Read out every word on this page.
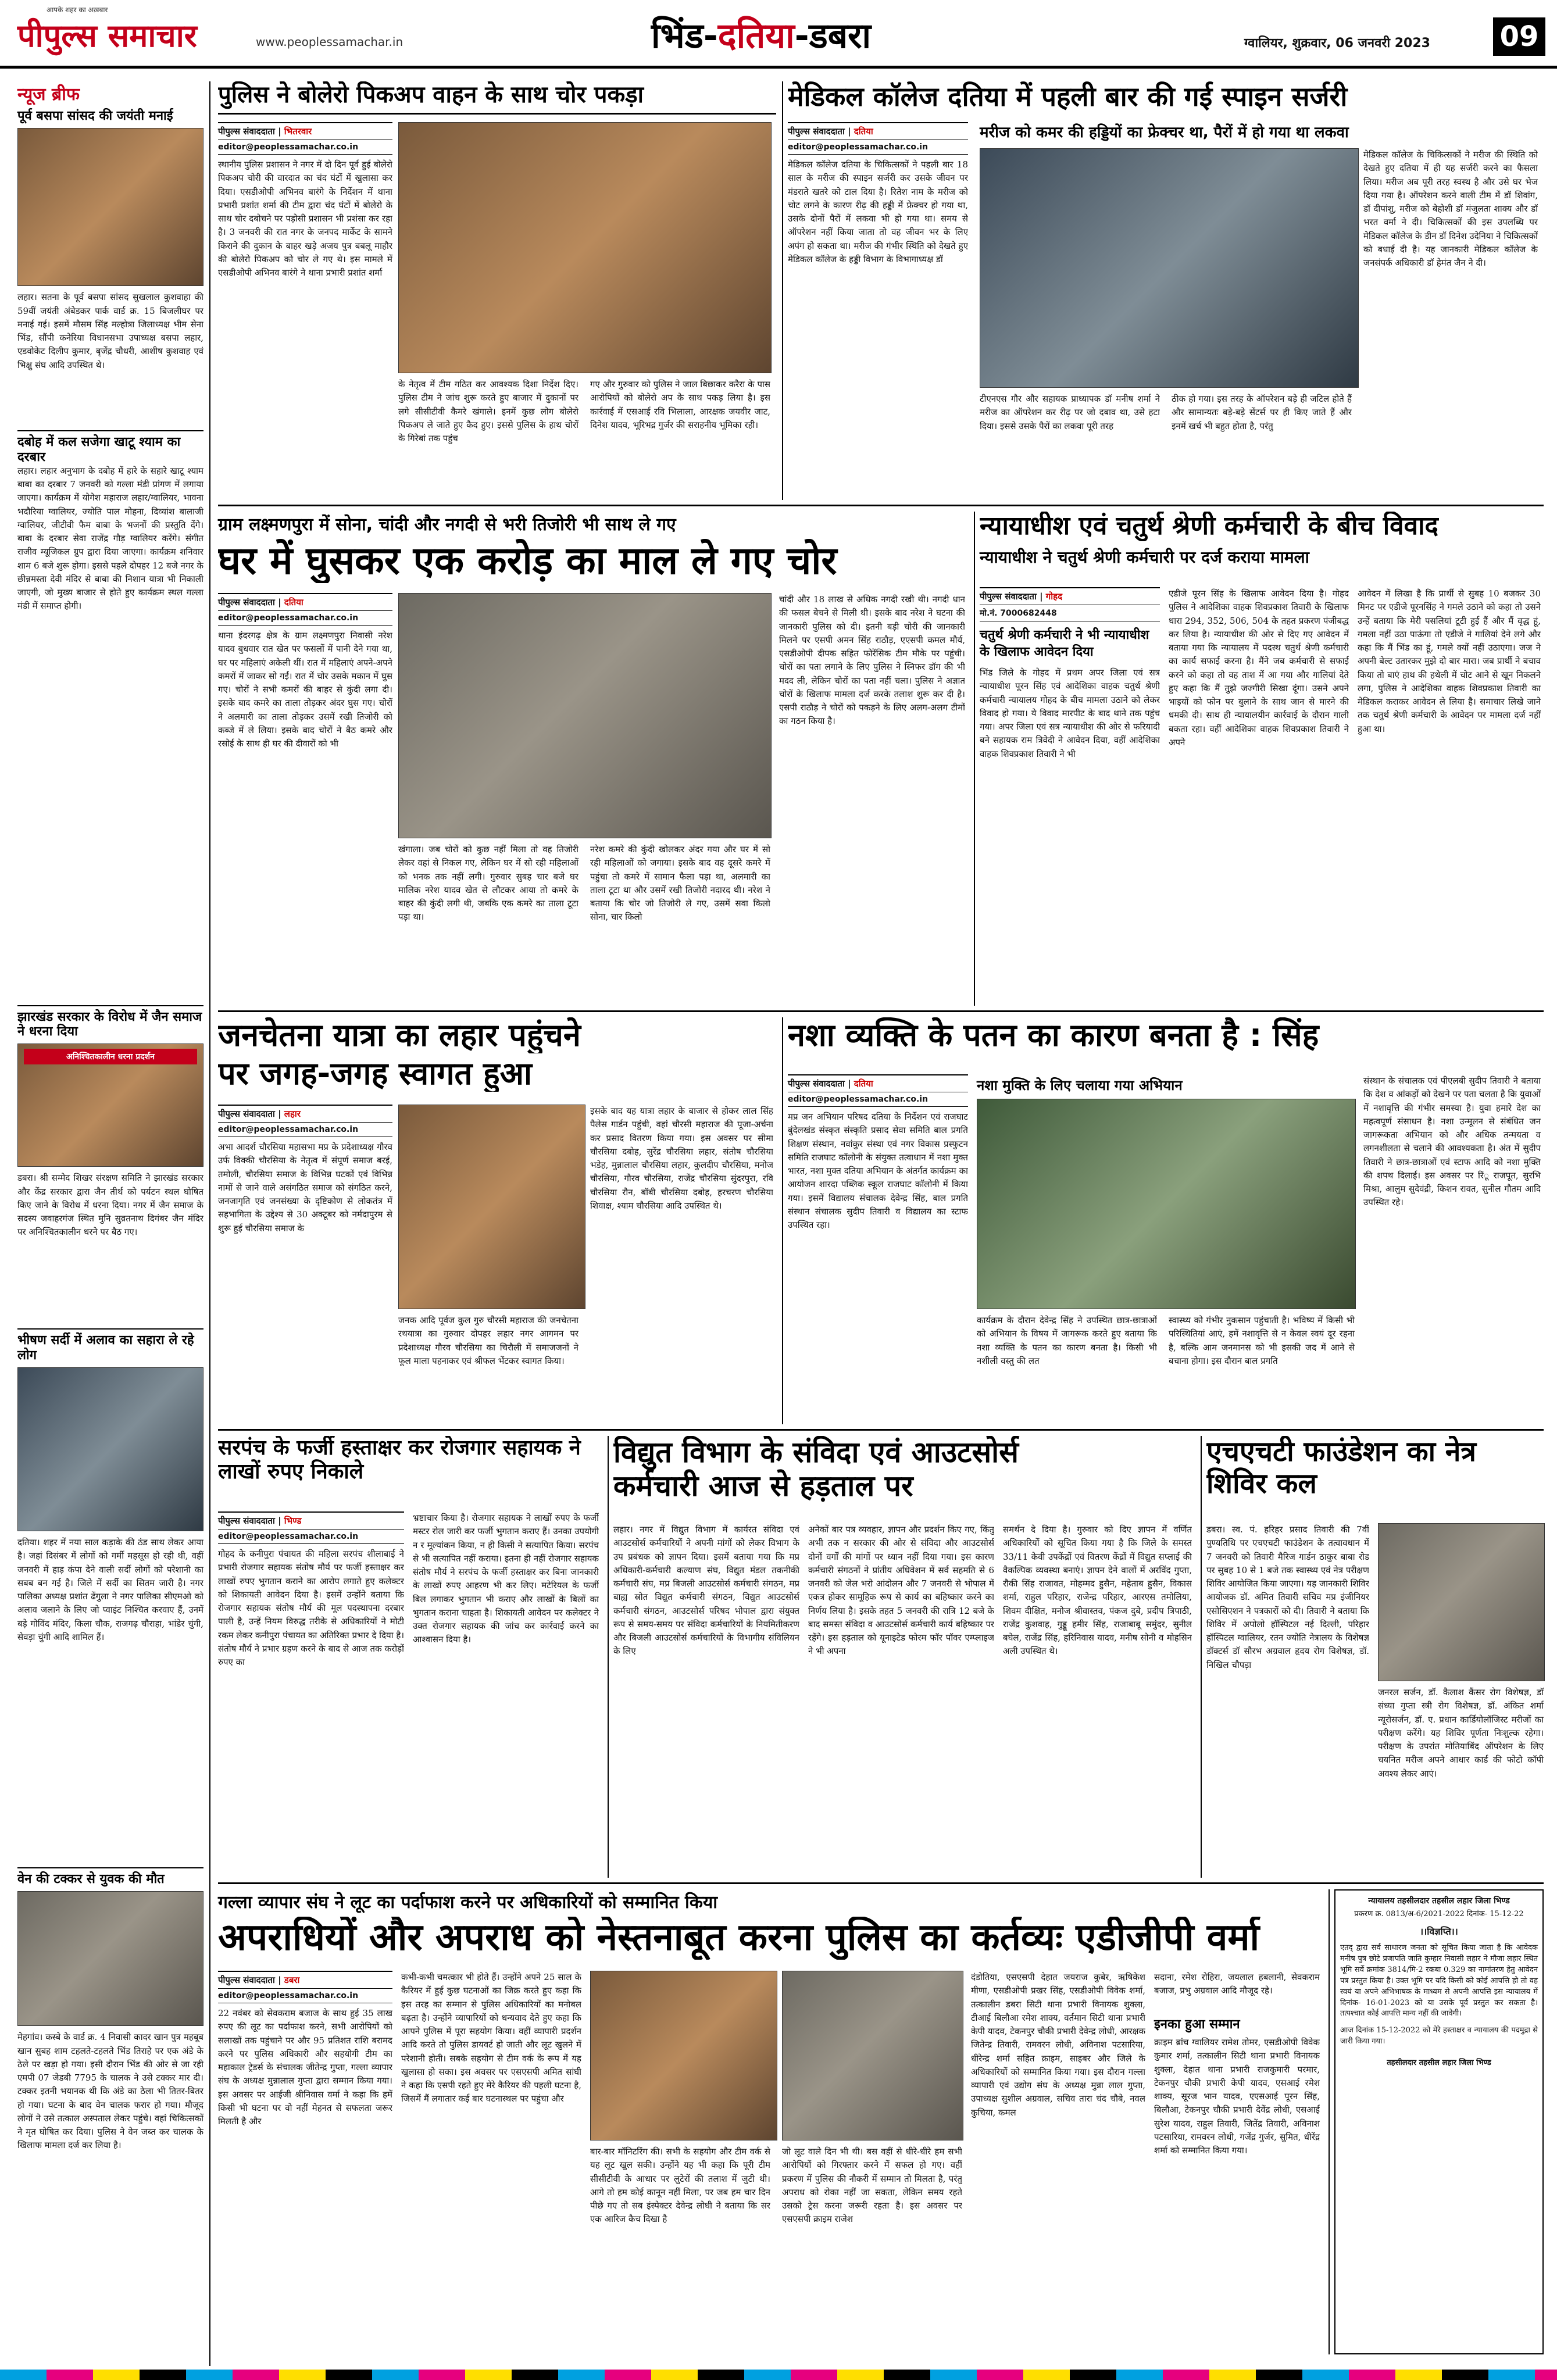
पीपुल्स समाचार
आपके शहर का अख़बार
www.peoplessamachar.in	भिंड-दतिया-डबरा	ग्वालियर, शुक्रवार, 06 जनवरी 2023 09
न्यूज ब्रीफ
पूर्व बसपा सांसद की जयंती मनाई
लहार। सतना के पूर्व बसपा सांसद सुखलाल कुशवाहा की 59वीं जयंती अंबेडकर पार्क वार्ड क्र. 15 बिजलीघर पर मनाई गई। इसमें मौसम सिंह मल्होत्रा जिलाध्यक्ष भीम सेना भिंड, सौंपी कनेरिया विधानसभा उपाध्यक्ष बसपा लहार, एडवोकेट दिलीप कुमार, बृजेंद्र चौधरी, आशीष कुशवाह एवं भिक्षु संघ आदि उपस्थित थे।
दबोह में कल सजेगा खाटू श्याम का दरबार
लहार। लहार अनुभाग के दबोह में हारे के सहारे खाटू श्याम बाबा का दरबार 7 जनवरी को गल्ला मंडी प्रांगण में लगाया जाएगा। कार्यक्रम में योगेश महाराज लहार/ग्वालियर, भावना भदौरिया ग्वालियर, ज्योति पाल मोहना, दिव्यांश बालाजी ग्वालियर, जीटीवी फैम बाबा के भजनों की प्रस्तुति देंगे। बाबा के दरबार सेवा राजेंद्र गौड़ ग्वालियर करेंगे। संगीत राजीव म्यूजिकल ग्रुप द्वारा दिया जाएगा। कार्यक्रम शनिवार शाम 6 बजे शुरू होगा। इससे पहले दोपहर 12 बजे नगर के छीन्नमस्ता देवी मंदिर से बाबा की निशान यात्रा भी निकाली जाएगी, जो मुख्य बाजार से होते हुए कार्यक्रम स्थल गल्ला मंडी में समाप्त होगी।
झारखंड सरकार के विरोध में जैन समाज ने धरना दिया
अनिश्चितकालीन धरना प्रदर्शन
डबरा। श्री सम्मेद शिखर संरक्षण समिति ने झारखंड सरकार और केंद्र सरकार द्वारा जैन तीर्थ को पर्यटन स्थल घोषित किए जाने के विरोध में धरना दिया। नगर में जैन समाज के सदस्य जवाहरगंज स्थित मुनि सुव्रतनाथ दिगंबर जैन मंदिर पर अनिश्चितकालीन धरने पर बैठ गए।
भीषण सर्दी में अलाव का सहारा ले रहे लोग
दतिया। शहर में नया साल कड़ाके की ठंड साथ लेकर आया है। जहां दिसंबर में लोगों को गर्मी महसूस हो रही थी, वहीं जनवरी में हाड़ कंपा देने वाली सर्दी लोगों को परेशानी का सबब बन गई है। जिले में सर्दी का सितम जारी है। नगर पालिका अध्यक्ष प्रशांत ढेंगुला ने नगर पालिका सीएमओ को अलाव जलाने के लिए जो प्वाइंट निश्चित करवाए हैं, उनमें बड़े गोविंद मंदिर, किला चौक, राजगढ़ चौराहा, भांडेर चुंगी, सेवड़ा चुंगी आदि शामिल हैं।
वेन की टक्कर से युवक की मौत
मेहगांव। कस्बे के वार्ड क्र. 4 निवासी कादर खान पुत्र महबूब खान सुबह शाम टहलते-टहलते भिंड तिराहे पर एक अंडे के ठेले पर खड़ा हो गया। इसी दौरान भिंड की ओर से जा रही एमपी 07 जेडबी 7795 के चालक ने उसे टक्कर मार दी। टक्कर इतनी भयानक थी कि अंडे का ठेला भी तितर-बितर हो गया। घटना के बाद वेन चालक फरार हो गया। मौजूद लोगों ने उसे तत्काल अस्पताल लेकर पहुंचे। वहां चिकित्सकों ने मृत घोषित कर दिया। पुलिस ने वेन जब्त कर चालक के खिलाफ मामला दर्ज कर लिया है।
पुलिस ने बोलेरो पिकअप वाहन के साथ चोर पकड़ा
पीपुल्स संवाददाता | भितरवार
editor@peoplessamachar.co.in
स्थानीय पुलिस प्रशासन ने नगर में दो दिन पूर्व हुई बोलेरो पिकअप चोरी की वारदात का चंद घंटों में खुलासा कर दिया। एसडीओपी अभिनव बारंगे के निर्देशन में थाना प्रभारी प्रशांत शर्मा की टीम द्वारा चंद घंटों में बोलेरो के साथ चोर दबोचने पर पड़ोसी प्रशासन भी प्रशंसा कर रहा है। 3 जनवरी की रात नगर के जनपद मार्केट के सामने किराने की दुकान के बाहर खड़े अजय पुत्र बबलू माहौर की बोलेरो पिकअप को चोर ले गए थे। इस मामले में एसडीओपी अभिनव बारंगे ने थाना प्रभारी प्रशांत शर्मा
के नेतृत्व में टीम गठित कर आवश्यक दिशा निर्देश दिए। पुलिस टीम ने जांच शुरू करते हुए बाजार में दुकानों पर लगे सीसीटीवी कैमरे खंगाले। इनमें कुछ लोग बोलेरो पिकअप ले जाते हुए कैद हुए। इससे पुलिस के हाथ चोरों के गिरेबां तक पहुंच
गए और गुरुवार को पुलिस ने जाल बिछाकर करैरा के पास आरोपियों को बोलेरो अप के साथ पकड़ लिया है। इस कार्रवाई में एसआई रवि भिलाला, आरक्षक जयवीर जाट, दिनेश यादव, भूरिभद्र गुर्जर की सराहनीय भूमिका रही।
मेडिकल कॉलेज दतिया में पहली बार की गई स्पाइन सर्जरी
मरीज को कमर की हड्डियों का फ्रेक्चर था, पैरों में हो गया था लकवा
पीपुल्स संवाददाता | दतिया
editor@peoplessamachar.co.in
मेडिकल कॉलेज दतिया के चिकित्सकों ने पहली बार 18 साल के मरीज की स्पाइन सर्जरी कर उसके जीवन पर मंडराते खतरे को टाल दिया है। रितेश नाम के मरीज को चोट लगने के कारण रीढ़ की हड्डी में फ्रेक्चर हो गया था, उसके दोनों पैरों में लकवा भी हो गया था। समय से ऑपरेशन नहीं किया जाता तो वह जीवन भर के लिए अपंग हो सकता था। मरीज की गंभीर स्थिति को देखते हुए मेडिकल कॉलेज के हड्डी विभाग के विभागाध्यक्ष डॉ
टीएनएस गौर और सहायक प्राध्यापक डॉ मनीष शर्मा ने मरीज का ऑपरेशन कर रीढ़ पर जो दबाव था, उसे हटा दिया। इससे उसके पैरों का लकवा पूरी तरह
ठीक हो गया। इस तरह के ऑपरेशन बड़े ही जटिल होते हैं और सामान्यतः बड़े-बड़े सेंटर्स पर ही किए जाते हैं और इनमें खर्च भी बहुत होता है, परंतु
मेडिकल कॉलेज के चिकित्सकों ने मरीज की स्थिति को देखते हुए दतिया में ही यह सर्जरी करने का फैसला लिया। मरीज अब पूरी तरह स्वस्थ है और उसे घर भेज दिया गया है। ऑपरेशन करने वाली टीम में डॉ शिवांग, डॉ दीपांशु, मरीज को बेहोशी डॉ मंजुलता शाक्य और डॉ भरत वर्मा ने दी। चिकित्सकों की इस उपलब्धि पर मेडिकल कॉलेज के डीन डॉ दिनेश उदेनिया ने चिकित्सकों को बधाई दी है। यह जानकारी मेडिकल कॉलेज के जनसंपर्क अधिकारी डॉ हेमंत जैन ने दी।
ग्राम लक्ष्मणपुरा में सोना, चांदी और नगदी से भरी तिजोरी भी साथ ले गए
घर में घुसकर एक करोड़ का माल ले गए चोर
पीपुल्स संवाददाता | दतिया
editor@peoplessamachar.co.in
थाना इंदरगढ़ क्षेत्र के ग्राम लक्ष्मणपुरा निवासी नरेश यादव बुधवार रात खेत पर फसलों में पानी देने गया था, घर पर महिलाएं अकेली थीं। रात में महिलाएं अपने-अपने कमरों में जाकर सो गईं। रात में चोर उसके मकान में घुस गए। चोरों ने सभी कमरों की बाहर से कुंदी लगा दी। इसके बाद कमरे का ताला तोड़कर अंदर घुस गए। चोरों ने अलमारी का ताला तोड़कर उसमें रखी तिजोरी को कब्जे में ले लिया। इसके बाद चोरों ने बैठ कमरे और रसोई के साथ ही घर की दीवारों को भी
खंगाला। जब चोरों को कुछ नहीं मिला तो वह तिजोरी लेकर वहां से निकल गए, लेकिन घर में सो रही महिलाओं को भनक तक नहीं लगी। गुरुवार सुबह चार बजे घर मालिक नरेश यादव खेत से लौटकर आया तो कमरे के बाहर की कुंदी लगी थी, जबकि एक कमरे का ताला टूटा पड़ा था।
नरेश कमरे की कुंदी खोलकर अंदर गया और घर में सो रही महिलाओं को जगाया। इसके बाद वह दूसरे कमरे में पहुंचा तो कमरे में सामान फैला पड़ा था, अलमारी का ताला टूटा था और उसमें रखी तिजोरी नदारद थी। नरेश ने बताया कि चोर जो तिजोरी ले गए, उसमें सवा किलो सोना, चार किलो
चांदी और 18 लाख से अधिक नगदी रखी थी। नगदी धान की फसल बेचने से मिली थी। इसके बाद नरेश ने घटना की जानकारी पुलिस को दी। इतनी बड़ी चोरी की जानकारी मिलने पर एसपी अमन सिंह राठौड़, एएसपी कमल मौर्य, एसडीओपी दीपक सहित फोरेंसिक टीम मौके पर पहुंची। चोरों का पता लगाने के लिए पुलिस ने स्निफर डॉग की भी मदद ली, लेकिन चोरों का पता नहीं चला। पुलिस ने अज्ञात चोरों के खिलाफ मामला दर्ज करके तलाश शुरू कर दी है। एसपी राठौड़ ने चोरों को पकड़ने के लिए अलग-अलग टीमों का गठन किया है।
न्यायाधीश एवं चतुर्थ श्रेणी कर्मचारी के बीच विवाद
न्यायाधीश ने चतुर्थ श्रेणी कर्मचारी पर दर्ज कराया मामला
पीपुल्स संवाददाता | गोहद
मो.नं. 7000682448
चतुर्थ श्रेणी कर्मचारी ने भी न्यायाधीश के खिलाफ आवेदन दिया
भिंड जिले के गोहद में प्रथम अपर जिला एवं सत्र न्यायाधीश पूरन सिंह एवं आदेशिका वाहक चतुर्थ श्रेणी कर्मचारी न्यायालय गोहद के बीच मामला उठाने को लेकर विवाद हो गया। ये विवाद मारपीट के बाद थाने तक पहुंच गया। अपर जिला एवं सत्र न्यायाधीश की ओर से फरियादी बने सहायक राम त्रिवेदी ने आवेदन दिया, वहीं आदेशिका वाहक शिवप्रकाश तिवारी ने भी
एडीजे पूरन सिंह के खिलाफ आवेदन दिया है। गोहद पुलिस ने आदेशिका वाहक शिवप्रकाश तिवारी के खिलाफ धारा 294, 352, 506, 504 के तहत प्रकरण पंजीबद्ध कर लिया है। न्यायाधीश की ओर से दिए गए आवेदन में बताया गया कि न्यायालय में पदस्थ चतुर्थ श्रेणी कर्मचारी का कार्य सफाई करना है। मैंने जब कर्मचारी से सफाई करने को कहा तो वह ताश में आ गया और गालियां देते हुए कहा कि मैं तुझे जज्गीरी सिखा दूंगा। उसने अपने भाइयों को फोन पर बुलाने के साथ जान से मारने की धमकी दी। साथ ही न्यायालयीन कार्रवाई के दौरान गाली बकता रहा। वहीं आदेशिका वाहक शिवप्रकाश तिवारी ने अपने
आवेदन में लिखा है कि प्रार्थी से सुबह 10 बजकर 30 मिनट पर एडीजे पूरनसिंह ने गमले उठाने को कहा तो उसने उन्हें बताया कि मेरी पसलियां टूटी हुई हैं और मैं वृद्ध हूं, गमला नहीं उठा पाऊंगा तो एडीजे ने गालियां देने लगे और कहा कि मैं भिंड का हूं, गमले क्यों नहीं उठाएगा। जज ने अपनी बेल्ट उतारकर मुझे दो बार मारा। जब प्रार्थी ने बचाव किया तो बाएं हाथ की हथेली में चोट आने से खून निकलने लगा, पुलिस ने आदेशिका वाहक शिवप्रकाश तिवारी का मेडिकल कराकर आवेदन ले लिया है। समाचार लिखे जाने तक चतुर्थ श्रेणी कर्मचारी के आवेदन पर मामला दर्ज नहीं हुआ था।
जनचेतना यात्रा का लहार पहुंचने
पर जगह-जगह स्वागत हुआ
पीपुल्स संवाददाता | लहार
editor@peoplessamachar.co.in
अभा आदर्श चौरसिया महासभा मप्र के प्रदेशाध्यक्ष गौरव उर्फ विक्की चौरसिया के नेतृत्व में संपूर्ण समाज बरई, तमोली, चौरसिया समाज के विभिन्न घटकों एवं विभिन्न नामों से जाने वाले असंगठित समाज को संगठित करने, जनजागृति एवं जनसंख्या के दृष्टिकोण से लोकतंत्र में सहभागिता के उद्देश्य से 30 अक्टूबर को नर्मदापुरम से शुरू हुई चौरसिया समाज के
जनक आदि पूर्वज कुल गुरु चौरसी महाराज की जनचेतना रथयात्रा का गुरुवार दोपहर लहार नगर आगमन पर प्रदेशाध्यक्ष गौरव चौरसिया का चिरौली में समाजजनों ने फूल माला पहनाकर एवं श्रीफल भेंटकर स्वागत किया।
इसके बाद यह यात्रा लहार के बाजार से होकर लाल सिंह पैलेस गार्डन पहुंची, वहां चौरसी महाराज की पूजा-अर्चना कर प्रसाद वितरण किया गया। इस अवसर पर सीमा चौरसिया दबोह, सुरेंद्र चौरसिया लहार, संतोष चौरसिया भडेह, मुन्नालाल चौरसिया लहार, कुलदीप चौरसिया, मनोज चौरसिया, गौरव चौरसिया, राजेंद्र चौरसिया सुंदरपुरा, रवि चौरसिया रौन, बॉबी चौरसिया दबोह, हरचरण चौरसिया शिवाक्ष, श्याम चौरसिया आदि उपस्थित थे।
नशा व्यक्ति के पतन का कारण बनता है : सिंह
पीपुल्स संवाददाता | दतिया
editor@peoplessamachar.co.in
मप्र जन अभियान परिषद दतिया के निर्देशन एवं राजघाट बुंदेलखंड संस्कृत संस्कृति प्रसाद सेवा समिति बाल प्रगति शिक्षण संस्थान, नवांकुर संस्था एवं नगर विकास प्रस्फुटन समिति राजघाट कॉलोनी के संयुक्त तत्वाधान में नशा मुक्त भारत, नशा मुक्त दतिया अभियान के अंतर्गत कार्यक्रम का आयोजन शारदा पब्लिक स्कूल राजघाट कॉलोनी में किया गया। इसमें विद्यालय संचालक देवेन्द्र सिंह, बाल प्रगति संस्थान संचालक सुदीप तिवारी व विद्यालय का स्टाफ उपस्थित रहा।
नशा मुक्ति के लिए चलाया गया अभियान
कार्यक्रम के दौरान देवेन्द्र सिंह ने उपस्थित छात्र-छात्राओं को अभियान के विषय में जागरूक करते हुए बताया कि नशा व्यक्ति के पतन का कारण बनता है। किसी भी नशीली वस्तु की लत
स्वास्थ्य को गंभीर नुकसान पहुंचाती है। भविष्य में किसी भी परिस्थितियां आएं, हमें नशावृत्ति से न केवल स्वयं दूर रहना है, बल्कि आम जनमानस को भी इसकी जद में आने से बचाना होगा। इस दौरान बाल प्रगति
संस्थान के संचालक एवं पीएलबी सुदीप तिवारी ने बताया कि देश व आंकड़ों को देखने पर पता चलता है कि युवाओं में नशावृत्ति की गंभीर समस्या है। युवा हमारे देश का महत्वपूर्ण संसाधन है। नशा उन्मूलन से संबंधित जन जागरूकता अभियान को और अधिक तन्मयता व लगनशीलता से चलाने की आवश्यकता है। अंत में सुदीप तिवारी ने छात्र-छात्राओं एवं स्टाफ आदि को नशा मुक्ति की शपथ दिलाई। इस अवसर पर रिंू राजपूत, सुरभि मिश्रा, आलुम सुदेवंद्री, किशन रावत, सुनील गौतम आदि उपस्थित रहे।
सरपंच के फर्जी हस्ताक्षर कर रोजगार सहायक ने लाखों रुपए निकाले
पीपुल्स संवाददाता | भिण्ड
editor@peoplessamachar.co.in
गोहद के कनीपुरा पंचायत की महिला सरपंच शीलाबाई ने प्रभारी रोजगार सहायक संतोष मौर्य पर फर्जी हस्ताक्षर कर लाखों रुपए भुगतान कराने का आरोप लगाते हुए कलेक्टर को शिकायती आवेदन दिया है। इसमें उन्होंने बताया कि रोजगार सहायक संतोष मौर्य की मूल पदस्थापना दरबार पाली है, उन्हें नियम विरुद्ध तरीके से अधिकारियों ने मोटी रकम लेकर कनीपुरा पंचायत का अतिरिक्त प्रभार दे दिया है। संतोष मौर्य ने प्रभार ग्रहण करने के बाद से आज तक करोड़ों रुपए का
भ्रष्टाचार किया है। रोजगार सहायक ने लाखों रुपए के फर्जी मस्टर रोल जारी कर फर्जी भुगतान कराए हैं। उनका उपयोगी न र मूल्यांकन किया, न ही किसी ने सत्यापित किया। सरपंच से भी सत्यापित नहीं कराया। इतना ही नहीं रोजगार सहायक संतोष मौर्य ने सरपंच के फर्जी हस्ताक्षर कर बिना जानकारी के लाखों रुपए आहरण भी कर लिए। मटेरियल के फर्जी बिल लगाकर भुगतान भी कराए और लाखों के बिलों का भुगतान कराना चाहता है। शिकायती आवेदन पर कलेक्टर ने उक्त रोजगार सहायक की जांच कर कार्रवाई करने का आश्वासन दिया है।
विद्युत विभाग के संविदा एवं आउटसोर्स कर्मचारी आज से हड़ताल पर
लहार। नगर में विद्युत विभाग में कार्यरत संविदा एवं आउटसोर्स कर्मचारियों ने अपनी मांगों को लेकर विभाग के उप प्रबंधक को ज्ञापन दिया। इसमें बताया गया कि मप्र अधिकारी-कर्मचारी कल्याण संघ, विद्युत मंडल तकनीकी कर्मचारी संघ, मप्र बिजली आउटसोर्स कर्मचारी संगठन, मप्र बाह्य स्रोत विद्युत कर्मचारी संगठन, विद्युत आउटसोर्स कर्मचारी संगठन, आउटसोर्स परिषद भोपाल द्वारा संयुक्त रूप से समय-समय पर संविदा कर्मचारियों के नियमितीकरण और बिजली आउटसोर्स कर्मचारियों के विभागीय संविलियन के लिए
अनेकों बार पत्र व्यवहार, ज्ञापन और प्रदर्शन किए गए, किंतु अभी तक न सरकार की ओर से संविदा और आउटसोर्स दोनों वर्गों की मांगों पर ध्यान नहीं दिया गया। इस कारण कर्मचारी संगठनों ने प्रांतीय अधिवेशन में सर्व सहमति से 6 जनवरी को जेल भरो आंदोलन और 7 जनवरी से भोपाल में एकत्र होकर सामूहिक रूप से कार्य का बहिष्कार करने का निर्णय लिया है। इसके तहत 5 जनवरी की रात्रि 12 बजे के बाद समस्त संविदा व आउटसोर्स कर्मचारी कार्य बहिष्कार पर रहेंगे। इस हड़ताल को यूनाइटेड फोरम फॉर पॉवर एम्प्लाइज ने भी अपना
समर्थन दे दिया है। गुरुवार को दिए ज्ञापन में वर्णित अधिकारियों को सूचित किया गया है कि जिले के समस्त 33/11 केवी उपकेंद्रों एवं वितरण केंद्रों में विद्युत सप्लाई की वैकल्पिक व्यवस्था बनाएं। ज्ञापन देने वालों में अरविंद गुप्ता, रौकी सिंह राजावत, मोहम्मद हुसैन, महेताब हुसैन, विकास शर्मा, राहुल परिहार, राजेन्द्र परिहार, आरएस तमोलिया, शिवम दीक्षित, मनोज श्रीवास्तव, पंकज दुबे, प्रदीप त्रिपाठी, राजेंद्र कुशवाह, गुड्डू हमीर सिंह, राजाबाबू समुंदर, सुनील बघेल, राजेंद्र सिंह, हरिनिवास यादव, मनीष सोनी व मोहसिन अली उपस्थित थे।
एचएचटी फाउंडेशन का नेत्र शिविर कल
डबरा। स्व. पं. हरिहर प्रसाद तिवारी की 7वीं पुण्यतिथि पर एचएचटी फाउंडेशन के तत्वावधान में 7 जनवरी को तिवारी मैरिज गार्डन ठाकुर बाबा रोड पर सुबह 10 से 1 बजे तक स्वास्थ्य एवं नेत्र परीक्षण शिविर आयोजित किया जाएगा। यह जानकारी शिविर आयोजक डॉ. अमित तिवारी सचिव मप्र इंजीनियर एसोसिएशन ने पत्रकारों को दी। तिवारी ने बताया कि शिविर में अपोलो हॉस्पिटल नई दिल्ली, परिहार हॉस्पिटल ग्वालियर, रतन ज्योति नेत्रालय के विशेषज्ञ डॉक्टर्स डॉ सौरभ अग्रवाल हृदय रोग विशेषज्ञ, डॉ. निखिल चौपड़ा
जनरल सर्जन, डॉ. कैलाश कैंसर रोग विशेषज्ञ, डॉ संध्या गुप्ता स्त्री रोग विशेषज्ञ, डॉ. अंकित शर्मा न्यूरोसर्जन, डॉ. ए. प्रधान कार्डियोलॉजिस्ट मरीजों का परीक्षण करेंगे। यह शिविर पूर्णता निःशुल्क रहेगा। परीक्षण के उपरांत मोतियाबिंद ऑपरेशन के लिए चयनित मरीज अपने आधार कार्ड की फोटो कॉपी अवश्य लेकर आएं।
गल्ला व्यापार संघ ने लूट का पर्दाफाश करने पर अधिकारियों को सम्मानित किया
अपराधियों और अपराध को नेस्तनाबूत करना पुलिस का कर्तव्यः एडीजीपी वर्मा
पीपुल्स संवाददाता | डबरा
editor@peoplessamachar.co.in
22 नवंबर को सेवकराम बजाज के साथ हुई 35 लाख रुपए की लूट का पर्दाफाश करने, सभी आरोपियों को सलाखों तक पहुंचाने पर और 95 प्रतिशत राशि बरामद करने पर पुलिस अधिकारी और सहयोगी टीम का महाकाल ट्रेडर्स के संचालक जीतेन्द्र गुप्ता, गल्ला व्यापार संघ के अध्यक्ष मुन्नालाल गुप्ता द्वारा सम्मान किया गया। इस अवसर पर आईजी श्रीनिवास वर्मा ने कहा कि हमें किसी भी घटना पर वो नहीं मेहनत से सफलता जरूर मिलती है और
कभी-कभी चमत्कार भी होते हैं। उन्होंने अपने 25 साल के कैरियर में हुई कुछ घटनाओं का जिक्र करते हुए कहा कि इस तरह का सम्मान से पुलिस अधिकारियों का मनोबल बढ़ता है। उन्होंने व्यापारियों को धन्यवाद देते हुए कहा कि आपने पुलिस में पूरा सहयोग किया। वहीं व्यापारी प्रदर्शन आदि करते तो पुलिस डायवर्ट हो जाती और लूट खुलने में परेशानी होती। सबके सहयोग से टीम वर्क के रूप में यह खुलासा हो सका। इस अवसर पर एसएसपी अमित सांघी ने कहा कि एसपी रहते हुए मेरे कैरियर की पहली घटना है, जिसमें मैं लगातार कई बार घटनास्थल पर पहुंचा और
बार-बार मॉनिटरिंग की। सभी के सहयोग और टीम वर्क से यह लूट खुल सकी। उन्होंने यह भी कहा कि पूरी टीम सीसीटीवी के आधार पर लुटेरों की तलाश में जुटी थी। आगे तो हम कोई कानून नहीं मिला, पर जब हम चार दिन पीछे गए तो सब इंस्पेक्टर देवेन्द्र लोधी ने बताया कि सर एक आरिज कैच दिखा है
जो लूट वाले दिन भी थी। बस वहीं से धीरे-धीरे हम सभी आरोपियों को गिरफ्तार करने में सफल हो गए। वहीं प्रकरण में पुलिस की नौकरी में सम्मान तो मिलता है, परंतु अपराध को रोका नहीं जा सकता, लेकिन समय रहते उसको ट्रेस करना जरूरी रहता है। इस अवसर पर एसएसपी क्राइम राजेश
दंडोतिया, एसएसपी देहात जयराज कुबेर, ऋषिकेश मीणा, एसडीओपी प्रखर सिंह, एसडीओपी विवेक शर्मा, तत्कालीन डबरा सिटी थाना प्रभारी विनायक शुक्ला, टीआई बिलौआ रमेश शाक्य, वर्तमान सिटी थाना प्रभारी केपी यादव, टेकनपुर चौकी प्रभारी देवेन्द्र लोधी, आरक्षक जितेन्द्र तिवारी, रामवरन लोधी, अविनाश पटसारिया, धीरेन्द्र शर्मा सहित क्राइम, साइबर और जिले के अधिकारियों को सम्मानित किया गया। इस दौरान गल्ला व्यापारी एवं उद्योग संघ के अध्यक्ष मुन्ना लाल गुप्ता, उपाध्यक्ष सुशील अग्रवाल, सचिव तारा चंद चौबे, नवल कुचिया, कमल
सदाना, रमेश रोहिरा, जयलाल हबलानी, सेवकराम बजाज, प्रभु अग्रवाल आदि मौजूद रहे।
इनका हुआ सम्मान
क्राइम ब्रांच ग्वालियर रामेश तोमर, एसडीओपी विवेक कुमार शर्मा, तत्कालीन सिटी थाना प्रभारी विनायक शुक्ला, देहात थाना प्रभारी राजकुमारी परमार, टेकनपुर चौकी प्रभारी केपी यादव, एसआई रमेश शाक्य, सूरज भान यादव, एएसआई पूरन सिंह, बिलौआ, टेकनपुर चौकी प्रभारी देवेंद्र लोधी, एसआई सुरेश यादव, राहुल तिवारी, जितेंद्र तिवारी, अविनाश पटसारिया, रामवरन लोधी, गजेंद्र गुर्जर, सुमित, धीरेंद्र शर्मा को सम्मानित किया गया।
न्यायालय तहसीलदार तहसील लहार जिला भिण्ड
प्रकरण क्र. 0813/अ-6/2021-2022 दिनांक- 15-12-22
।।विज्ञप्ति।।
एतद् द्वारा सर्व साधारण जनता को सूचित किया जाता है कि आवेदक मनीष पुत्र छोटे प्रजापति जाति कुम्हार निवासी लहार ने मौजा लहार स्थित भूमि सर्वे क्रमांक 3814/मि-2 रकबा 0.329 का नामांतरण हेतु आवेदन पत्र प्रस्तुत किया है। उक्त भूमि पर यदि किसी को कोई आपत्ति हो तो वह स्वयं या अपने अभिभाषक के माध्यम से अपनी आपत्ति इस न्यायालय में दिनांक- 16-01-2023 को या उसके पूर्व प्रस्तुत कर सकता है। तत्पश्चात कोई आपत्ति मान्य नहीं की जावेगी।
आज दिनांक 15-12-2022 को मेरे हस्ताक्षर व न्यायालय की पदमुद्रा से जारी किया गया।
तहसीलदार तहसील लहार जिला भिण्ड
